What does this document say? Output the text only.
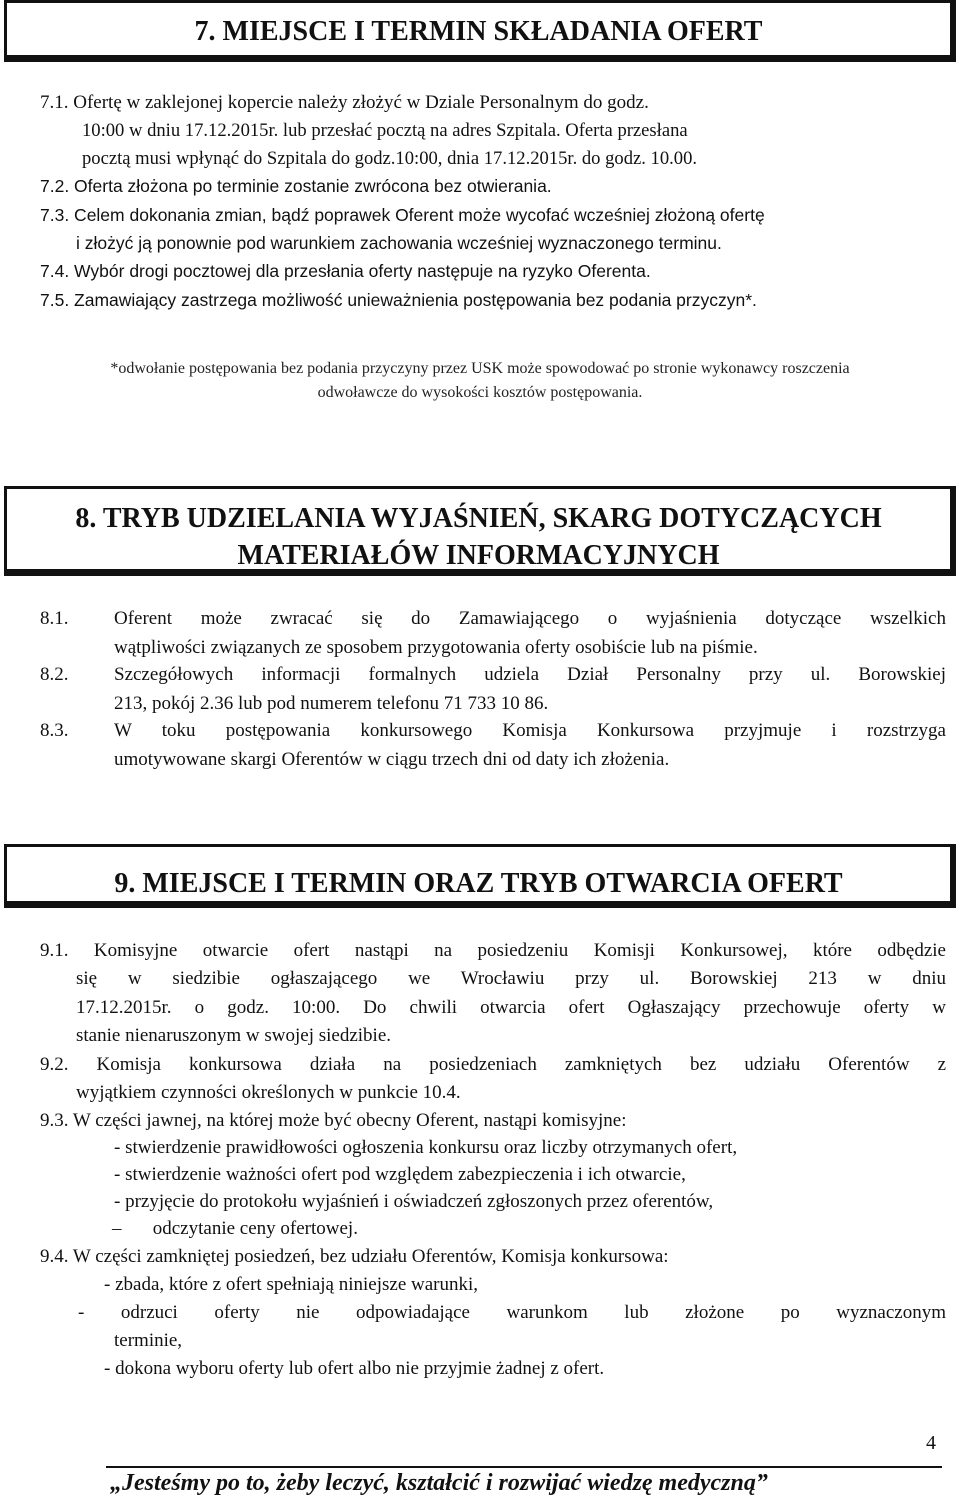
7. MIEJSCE I TERMIN SKŁADANIA OFERT
7.1. Ofertę w zaklejonej kopercie należy złożyć w Dziale Personalnym do godz.
10:00 w dniu 17.12.2015r. lub przesłać pocztą na adres Szpitala. Oferta przesłana
pocztą musi wpłynąć do Szpitala do godz.10:00, dnia 17.12.2015r. do godz. 10.00.
7.2. Oferta złożona po terminie zostanie zwrócona bez otwierania.
7.3. Celem dokonania zmian, bądź poprawek Oferent może wycofać wcześniej złożoną ofertę
i złożyć ją ponownie pod warunkiem zachowania wcześniej wyznaczonego terminu.
7.4. Wybór drogi pocztowej dla przesłania oferty następuje na ryzyko Oferenta.
7.5. Zamawiający zastrzega możliwość unieważnienia postępowania bez podania przyczyn*.
*odwołanie postępowania bez podania przyczyny przez USK może spowodować po stronie wykonawcy roszczenia
odwoławcze do wysokości kosztów postępowania.
8. TRYB UDZIELANIA WYJAŚNIEŃ, SKARG DOTYCZĄCYCH
MATERIAŁÓW INFORMACYJNYCH
8.1. Oferent może zwracać się do Zamawiającego o wyjaśnienia dotyczące wszelkich
wątpliwości związanych ze sposobem przygotowania oferty osobiście lub na piśmie.
8.2. Szczegółowych informacji formalnych udziela Dział Personalny przy ul. Borowskiej
213, pokój 2.36 lub pod numerem telefonu 71 733 10 86.
8.3. W toku postępowania konkursowego Komisja Konkursowa przyjmuje i rozstrzyga
umotywowane skargi Oferentów w ciągu trzech dni od daty ich złożenia.
9. MIEJSCE I TERMIN ORAZ TRYB OTWARCIA OFERT
9.1. Komisyjne otwarcie ofert nastąpi na posiedzeniu Komisji Konkursowej, które odbędzie
się w siedzibie ogłaszającego we Wrocławiu przy ul. Borowskiej 213 w dniu
17.12.2015r. o godz. 10:00. Do chwili otwarcia ofert Ogłaszający przechowuje oferty w
stanie nienaruszonym w swojej siedzibie.
9.2. Komisja konkursowa działa na posiedzeniach zamkniętych bez udziału Oferentów z
wyjątkiem czynności określonych w punkcie 10.4.
9.3. W części jawnej, na której może być obecny Oferent, nastąpi komisyjne:
- stwierdzenie prawidłowości ogłoszenia konkursu oraz liczby otrzymanych ofert,
- stwierdzenie ważności ofert pod względem zabezpieczenia i ich otwarcie,
- przyjęcie do protokołu wyjaśnień i oświadczeń zgłoszonych przez oferentów,
– odczytanie ceny ofertowej.
9.4. W części zamkniętej posiedzeń, bez udziału Oferentów, Komisja konkursowa:
- zbada, które z ofert spełniają niniejsze warunki,
- odrzuci oferty nie odpowiadające warunkom lub złożone po wyznaczonym
terminie,
- dokona wyboru oferty lub ofert albo nie przyjmie żadnej z ofert.
4
„Jesteśmy po to, żeby leczyć, kształcić i rozwijać wiedzę medyczną”
